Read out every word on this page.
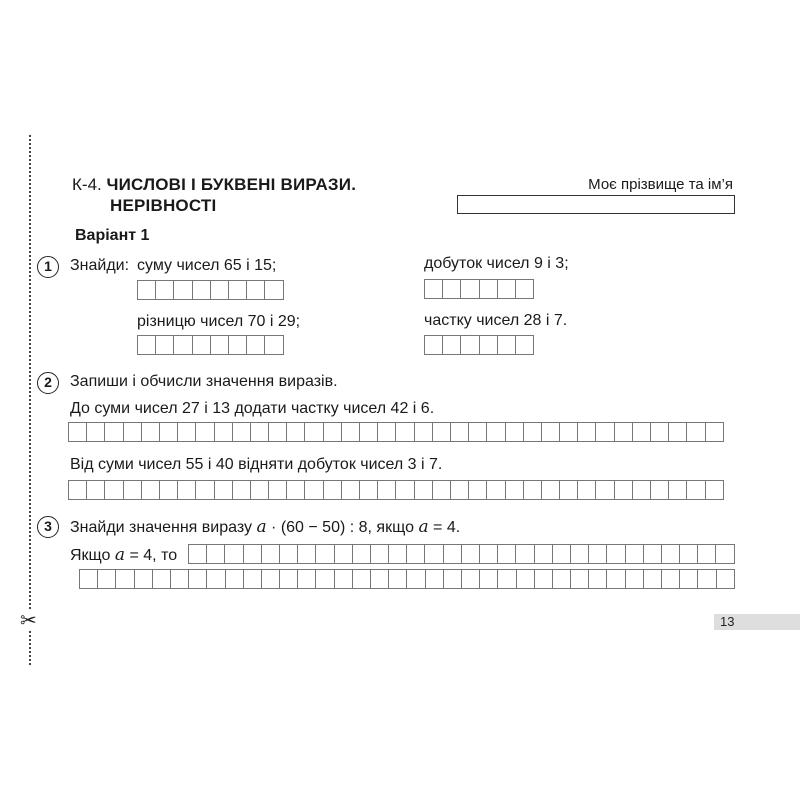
✂
К-4. ЧИСЛОВІ І БУКВЕНІ ВИРАЗИ.
НЕРІВНОСТІ
Моє прізвище та ім’я
Варіант 1
1	Знайди: суму чисел 65 і 15;	добуток чисел 9 і 3;
різницю чисел 70 і 29;	частку чисел 28 і 7.
2	Запиши і обчисли значення виразів.
До суми чисел 27 і 13 додати частку чисел 42 і 6.
Від суми чисел 55 і 40 відняти добуток чисел 3 і 7.
3	Знайди значення виразу a · (60 − 50) : 8, якщо a = 4.
Якщо a = 4, то
13
